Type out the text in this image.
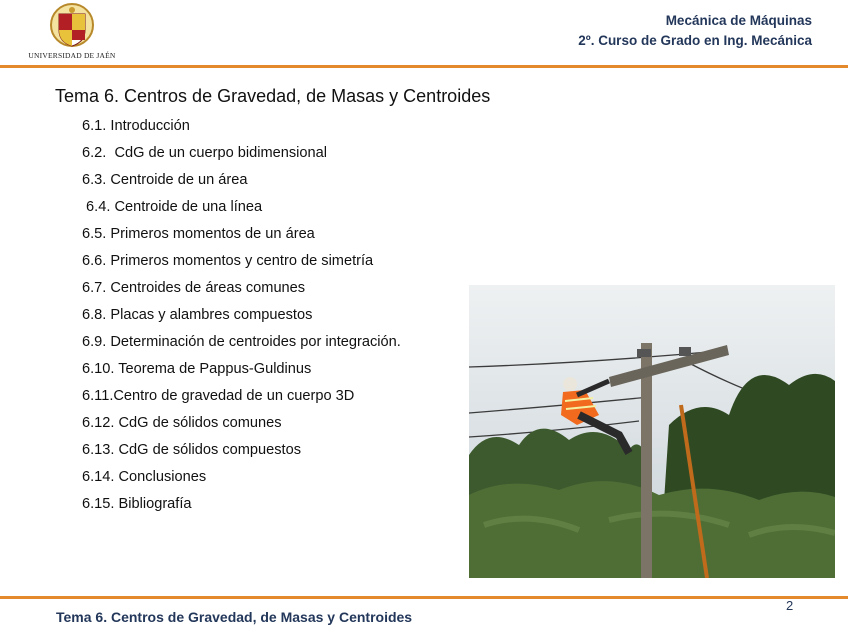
UNIVERSIDAD DE JAÉN
Mecánica de Máquinas
2º. Curso de Grado en Ing. Mecánica
Tema 6. Centros de Gravedad, de Masas y Centroides
6.1. Introducción
6.2.  CdG de un cuerpo bidimensional
6.3. Centroide de un área
6.4. Centroide de una línea
6.5. Primeros momentos de un área
6.6. Primeros momentos y centro de simetría
6.7. Centroides de áreas comunes
6.8. Placas y alambres compuestos
6.9. Determinación de centroides por integración.
6.10. Teorema de Pappus-Guldinus
6.11.Centro de gravedad de un cuerpo 3D
6.12. CdG de sólidos comunes
6.13. CdG de sólidos compuestos
6.14. Conclusiones
6.15. Bibliografía
2
Tema 6. Centros de Gravedad, de Masas y Centroides
